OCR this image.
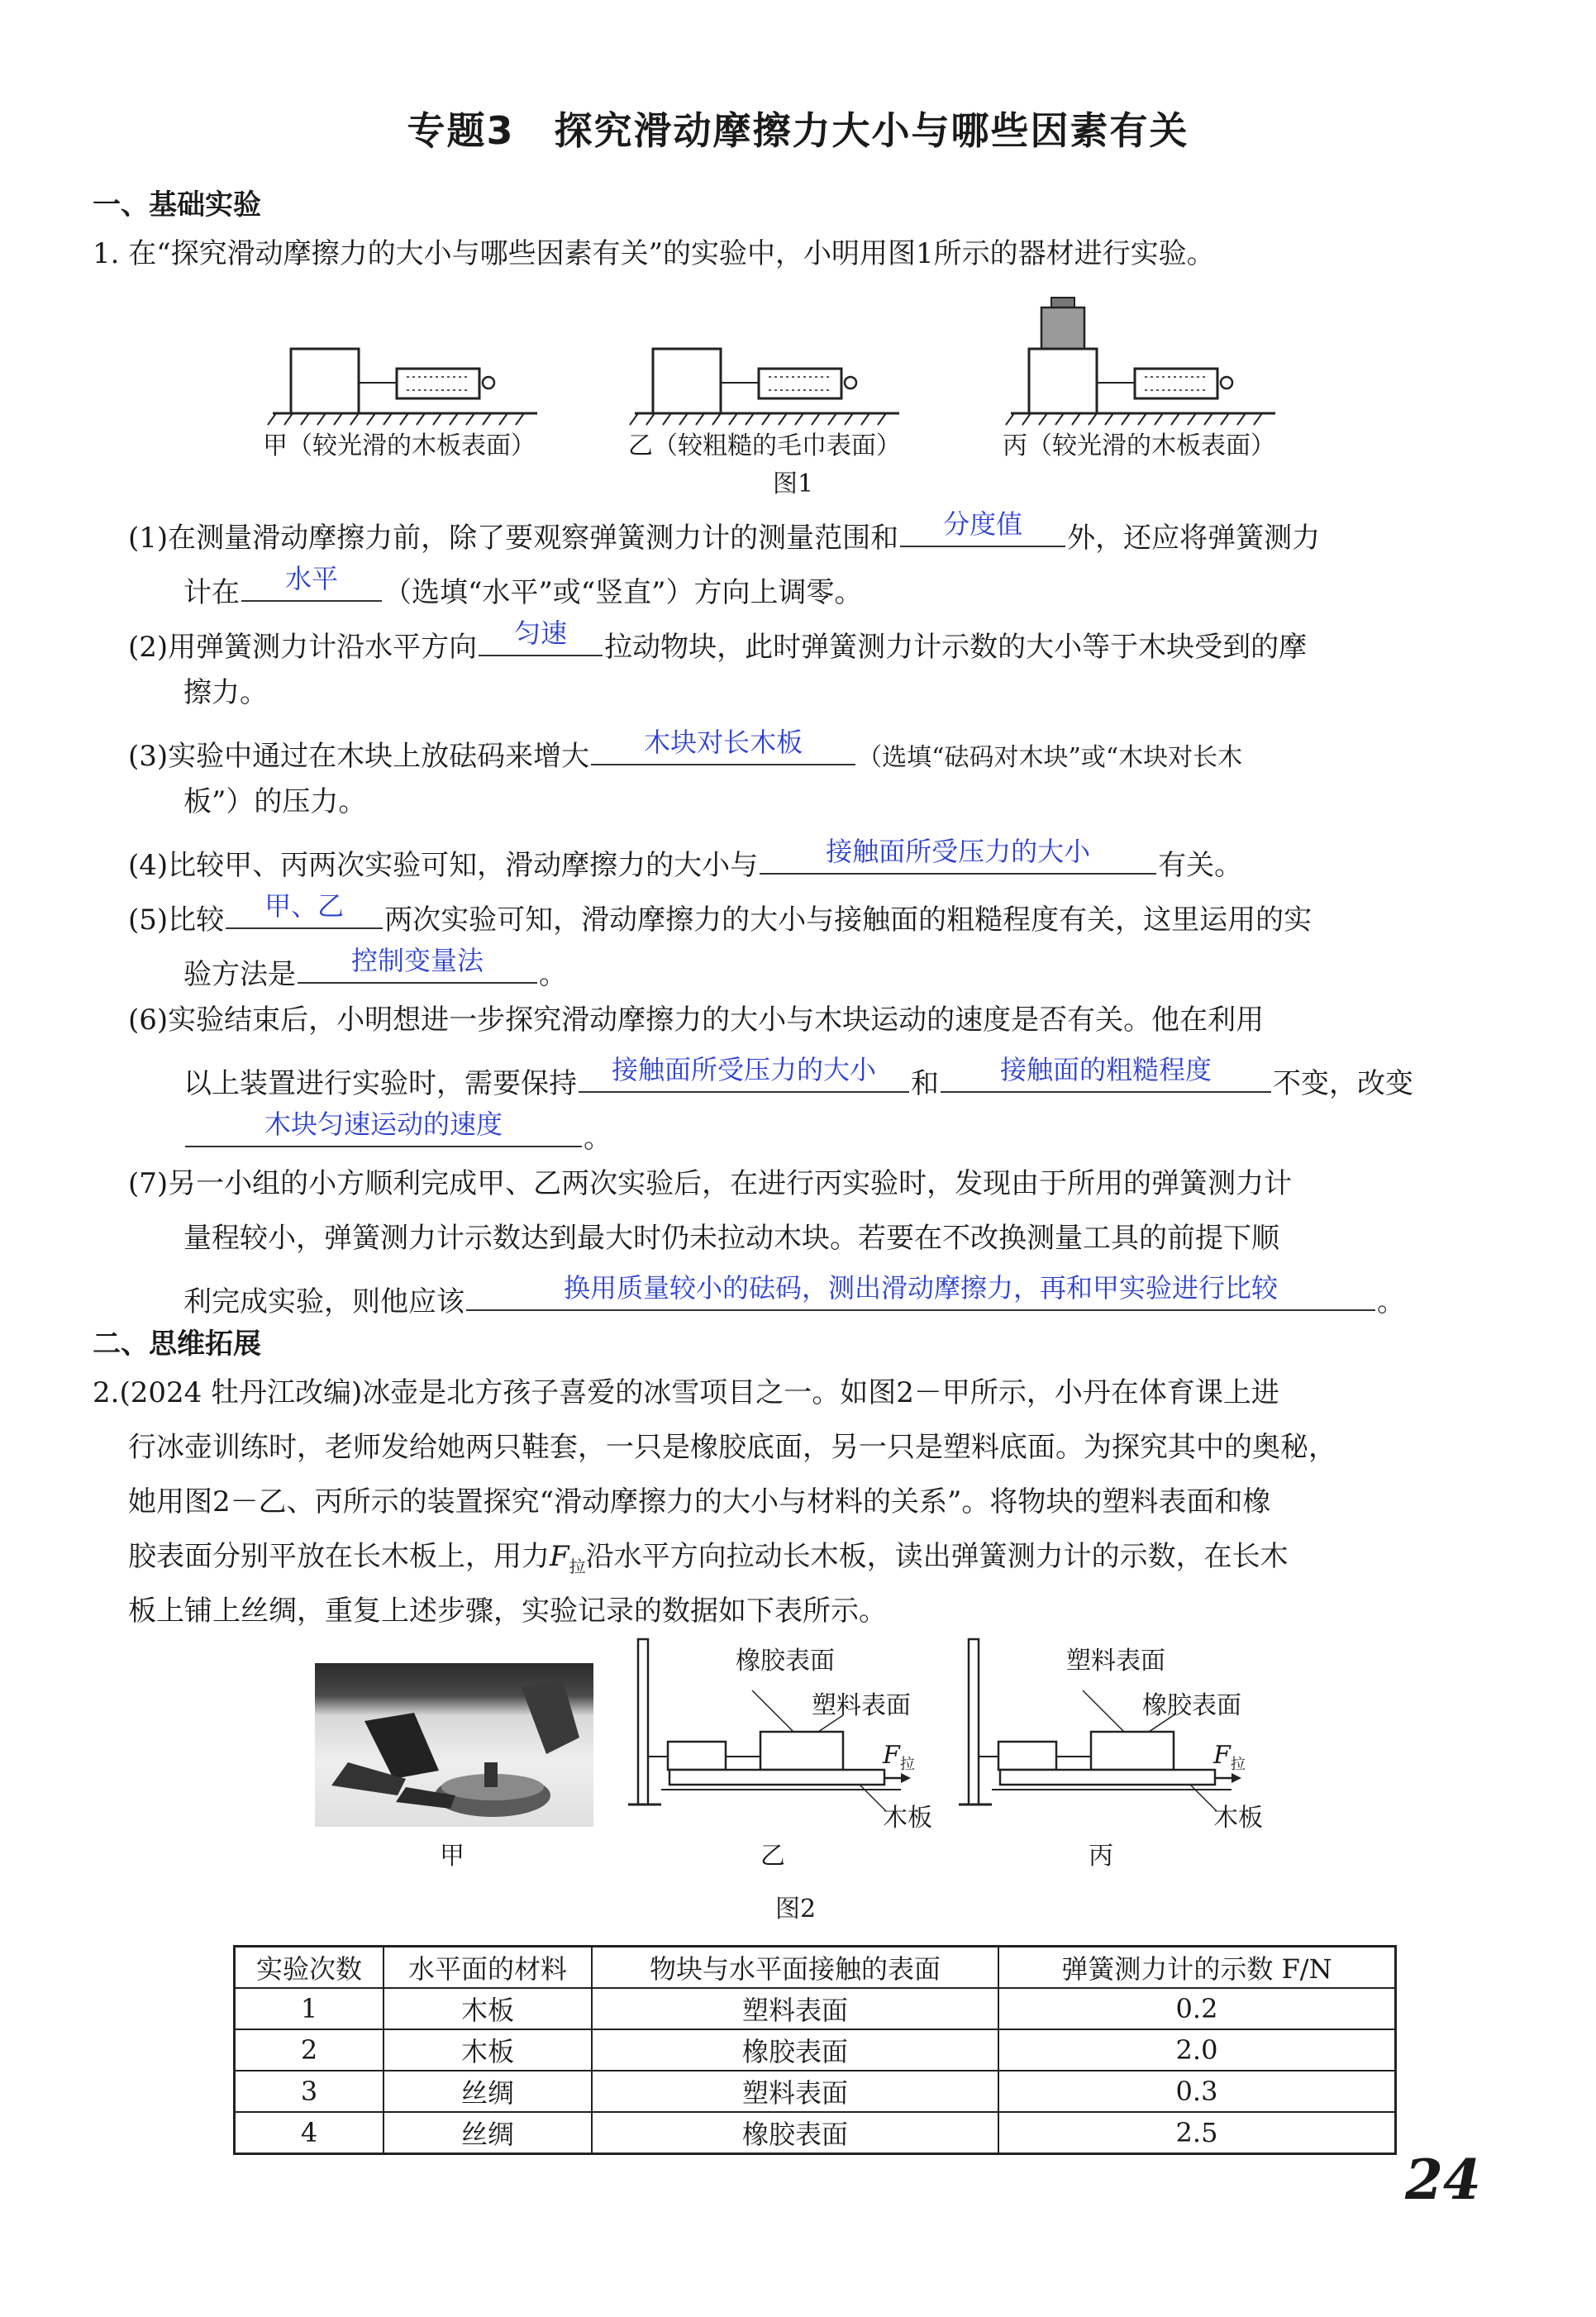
专题3　探究滑动摩擦力大小与哪些因素有关
一、基础实验
1. 在“探究滑动摩擦力的大小与哪些因素有关”的实验中，小明用图1所示的器材进行实验。
甲（较光滑的木板表面）	乙（较粗糙的毛巾表面）	丙（较光滑的木板表面）
图1
(1)在测量滑动摩擦力前，除了要观察弹簧测力计的测量范围和	分度值	外，还应将弹簧测力
计在	水平	（选填“水平”或“竖直”）方向上调零。
(2)用弹簧测力计沿水平方向	匀速	拉动物块，此时弹簧测力计示数的大小等于木块受到的摩
擦力。
(3)实验中通过在木块上放砝码来增大	木块对长木板	（选填“砝码对木块”或“木块对长木
板”）的压力。
(4)比较甲、丙两次实验可知，滑动摩擦力的大小与	接触面所受压力的大小	有关。
(5)比较	甲、乙	两次实验可知，滑动摩擦力的大小与接触面的粗糙程度有关，这里运用的实
验方法是	控制变量法	。
(6)实验结束后，小明想进一步探究滑动摩擦力的大小与木块运动的速度是否有关。他在利用
以上装置进行实验时，需要保持	接触面所受压力的大小	和	接触面的粗糙程度	不变，改变
木块匀速运动的速度	。
(7)另一小组的小方顺利完成甲、乙两次实验后，在进行丙实验时，发现由于所用的弹簧测力计
量程较小，弹簧测力计示数达到最大时仍未拉动木块。若要在不改换测量工具的前提下顺
利完成实验，则他应该	换用质量较小的砝码，测出滑动摩擦力，再和甲实验进行比较	。
二、思维拓展
2.(2024 牡丹江改编)冰壶是北方孩子喜爱的冰雪项目之一。如图2－甲所示，小丹在体育课上进
行冰壶训练时，老师发给她两只鞋套，一只是橡胶底面，另一只是塑料底面。为探究其中的奥秘，
她用图2－乙、丙所示的装置探究“滑动摩擦力的大小与材料的关系”。将物块的塑料表面和橡
胶表面分别平放在长木板上，用力$F_拉$沿水平方向拉动长木板，读出弹簧测力计的示数，在长木
板上铺上丝绸，重复上述步骤，实验记录的数据如下表所示。
橡胶表面
塑料表面
塑料表面
橡胶表面
$F_拉$	$F_拉$
木板	木板
甲	乙	丙
图2
实验次数	水平面的材料	物块与水平面接触的表面	弹簧测力计的示数 F/N
1	木板	塑料表面	0.2
2	木板	橡胶表面	2.0
3	丝绸	塑料表面	0.3
4	丝绸	橡胶表面	2.5
24
